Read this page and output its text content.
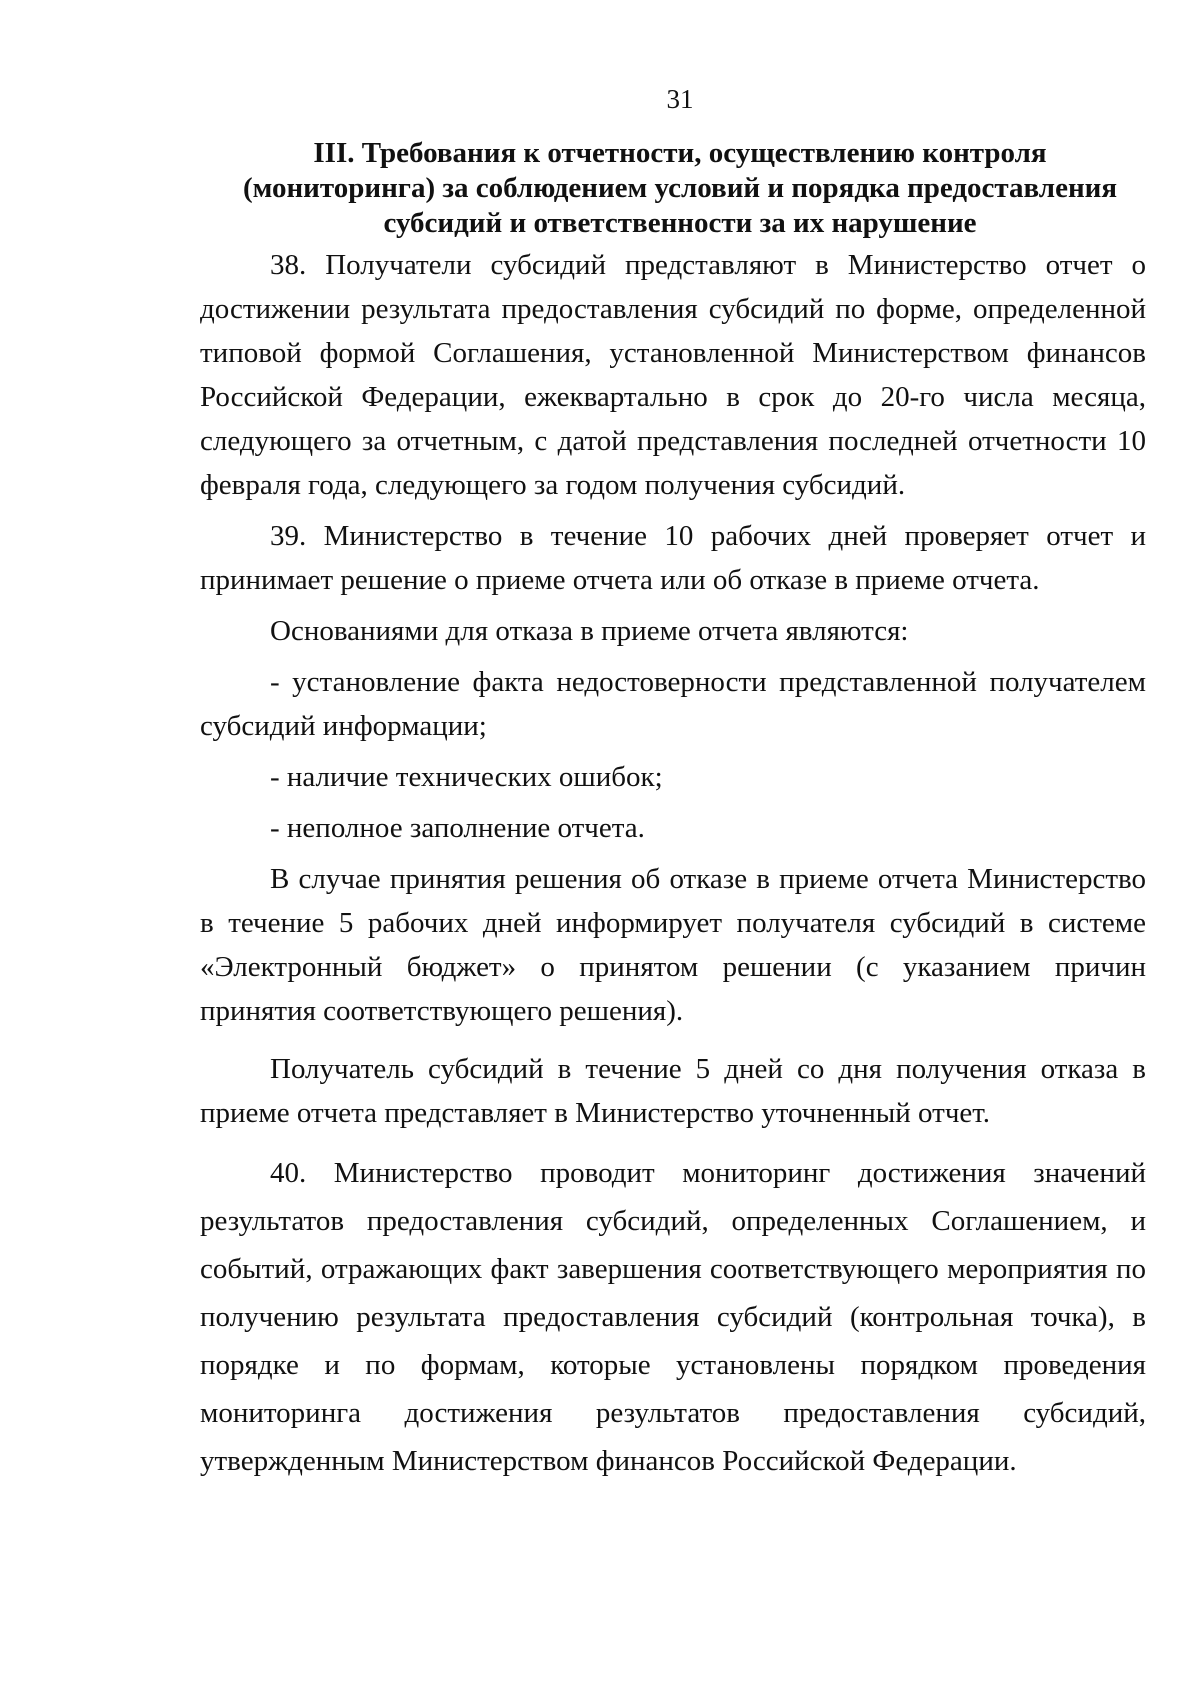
31
III. Требования к отчетности, осуществлению контроля
(мониторинга) за соблюдением условий и порядка предоставления
субсидий и ответственности за их нарушение

38. Получатели субсидий представляют в Министерство отчет о достижении результата предоставления субсидий по форме, определенной типовой формой Соглашения, установленной Министерством финансов Российской Федерации, ежеквартально в срок до 20-го числа месяца, следующего за отчетным, с датой представления последней отчетности 10 февраля года, следующего за годом получения субсидий.

39. Министерство в течение 10 рабочих дней проверяет отчет и принимает решение о приеме отчета или об отказе в приеме отчета.

Основаниями для отказа в приеме отчета являются:

- установление факта недостоверности представленной получателем субсидий информации;

- наличие технических ошибок;

- неполное заполнение отчета.

В случае принятия решения об отказе в приеме отчета Министерство в течение 5 рабочих дней информирует получателя субсидий в системе «Электронный бюджет» о принятом решении (с указанием причин принятия соответствующего решения).

Получатель субсидий в течение 5 дней со дня получения отказа в приеме отчета представляет в Министерство уточненный отчет.

40. Министерство проводит мониторинг достижения значений результатов предоставления субсидий, определенных Соглашением, и событий, отражающих факт завершения соответствующего мероприятия по получению результата предоставления субсидий (контрольная точка), в порядке и по формам, которые установлены порядком проведения мониторинга достижения результатов предоставления субсидий, утвержденным Министерством финансов Российской Федерации.
